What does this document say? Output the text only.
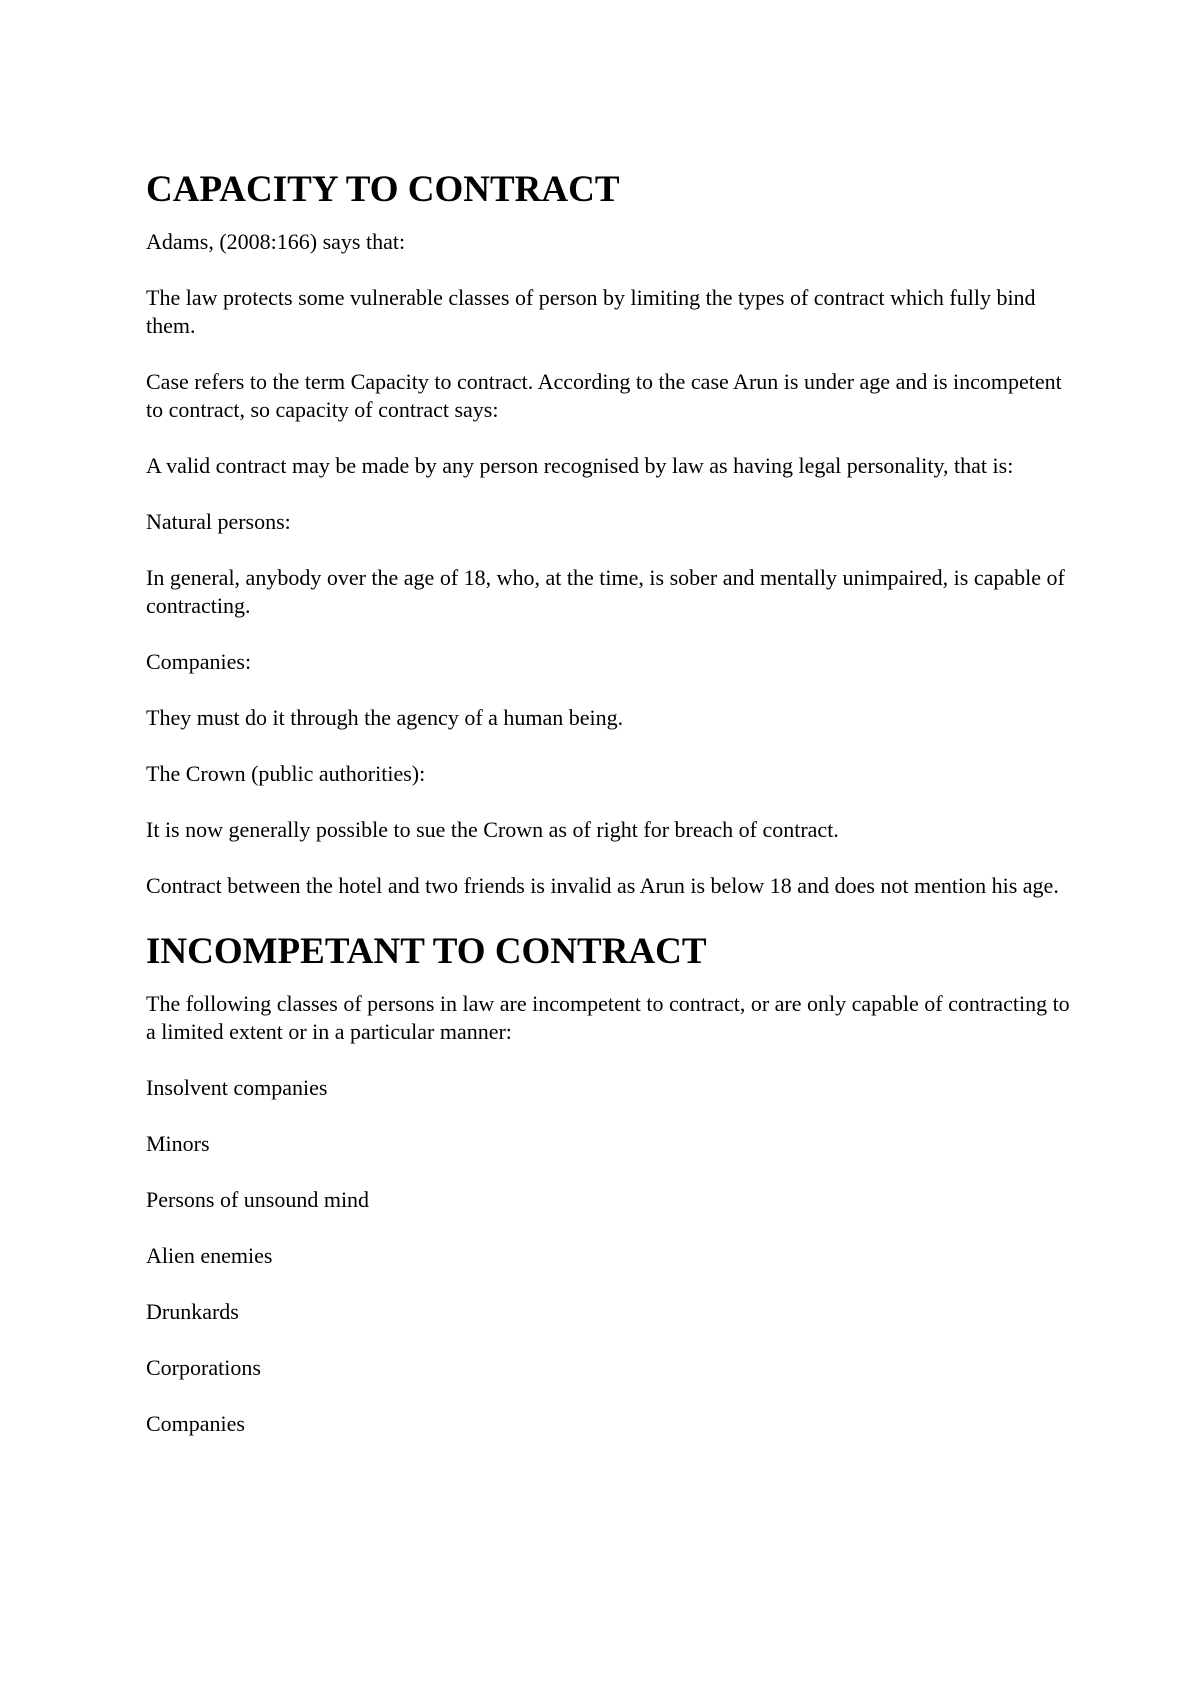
CAPACITY TO CONTRACT

Adams, (2008:166) says that:

The law protects some vulnerable classes of person by limiting the types of contract which fully bind them.

Case refers to the term Capacity to contract. According to the case Arun is under age and is incompetent to contract, so capacity of contract says:

A valid contract may be made by any person recognised by law as having legal personality, that is:

Natural persons:

In general, anybody over the age of 18, who, at the time, is sober and mentally unimpaired, is capable of contracting.

Companies:

They must do it through the agency of a human being.

The Crown (public authorities):

It is now generally possible to sue the Crown as of right for breach of contract.

Contract between the hotel and two friends is invalid as Arun is below 18 and does not mention his age.

INCOMPETANT TO CONTRACT

The following classes of persons in law are incompetent to contract, or are only capable of contracting to a limited extent or in a particular manner:

Insolvent companies

Minors

Persons of unsound mind

Alien enemies

Drunkards

Corporations

Companies
